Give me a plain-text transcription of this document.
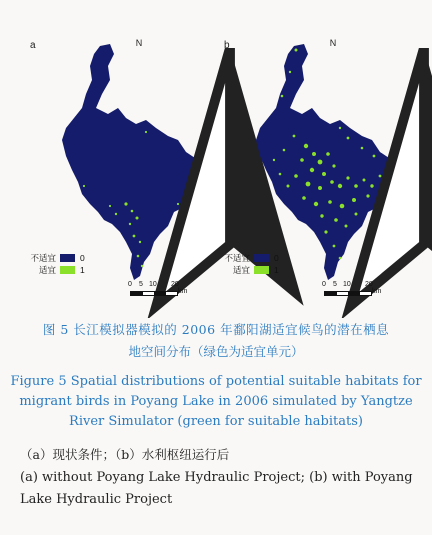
a	N
不适宜	0
适宜	1
0 5 10 20
km
b	N
不适宜	0
适宜	1
0 5 10 20
km
图 5 长江模拟器模拟的 2006 年鄱阳湖适宜候鸟的潜在栖息
地空间分布（绿色为适宜单元）
Figure 5 Spatial distributions of potential suitable habitats for
migrant birds in Poyang Lake in 2006 simulated by Yangtze
River Simulator (green for suitable habitats)
（a）现状条件；（b）水利枢纽运行后
(a) without Poyang Lake Hydraulic Project; (b) with Poyang
Lake Hydraulic Project
